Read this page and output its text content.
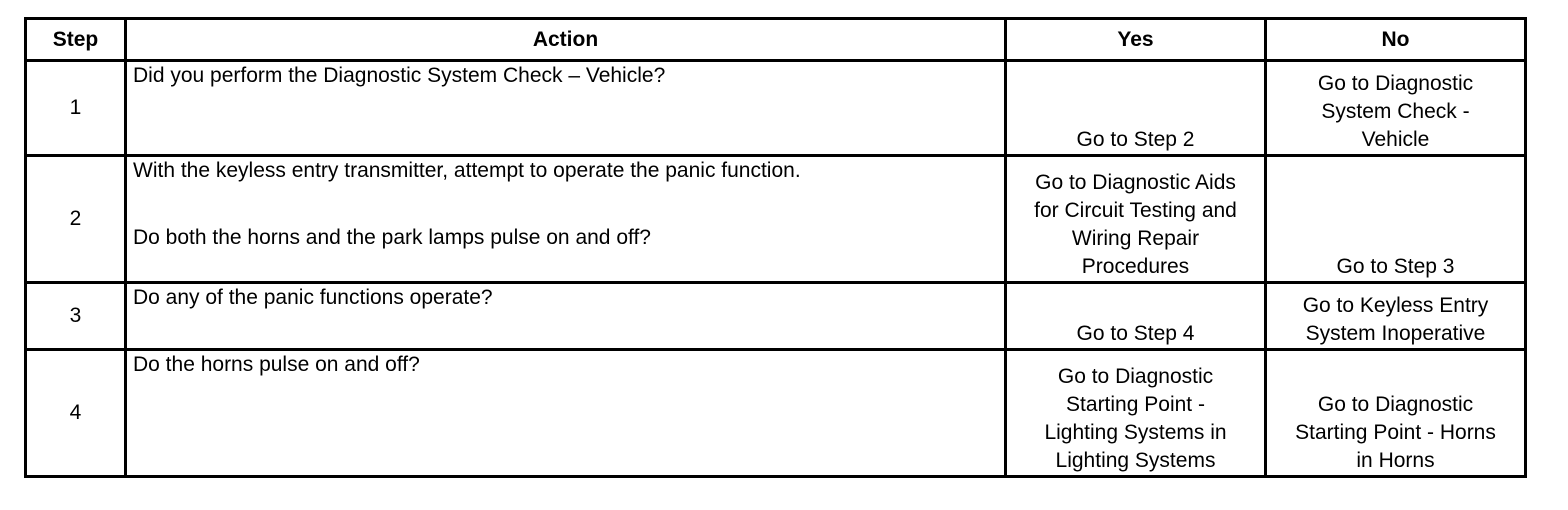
Step	Action	Yes	No
1	Did you perform the Diagnostic System Check – Vehicle?	Go to Step 2	Go to Diagnostic
System Check -
Vehicle

2	With the keyless entry transmitter, attempt to operate the panic function.
Do both the horns and the park lamps pulse on and off?	Go to Diagnostic Aids
for Circuit Testing and
Wiring Repair
Procedures	Go to Step 3

3	Do any of the panic functions operate?	Go to Step 4	Go to Keyless Entry
System Inoperative

4	Do the horns pulse on and off?	Go to Diagnostic
Starting Point -
Lighting Systems in
Lighting Systems	Go to Diagnostic
Starting Point - Horns
in Horns
